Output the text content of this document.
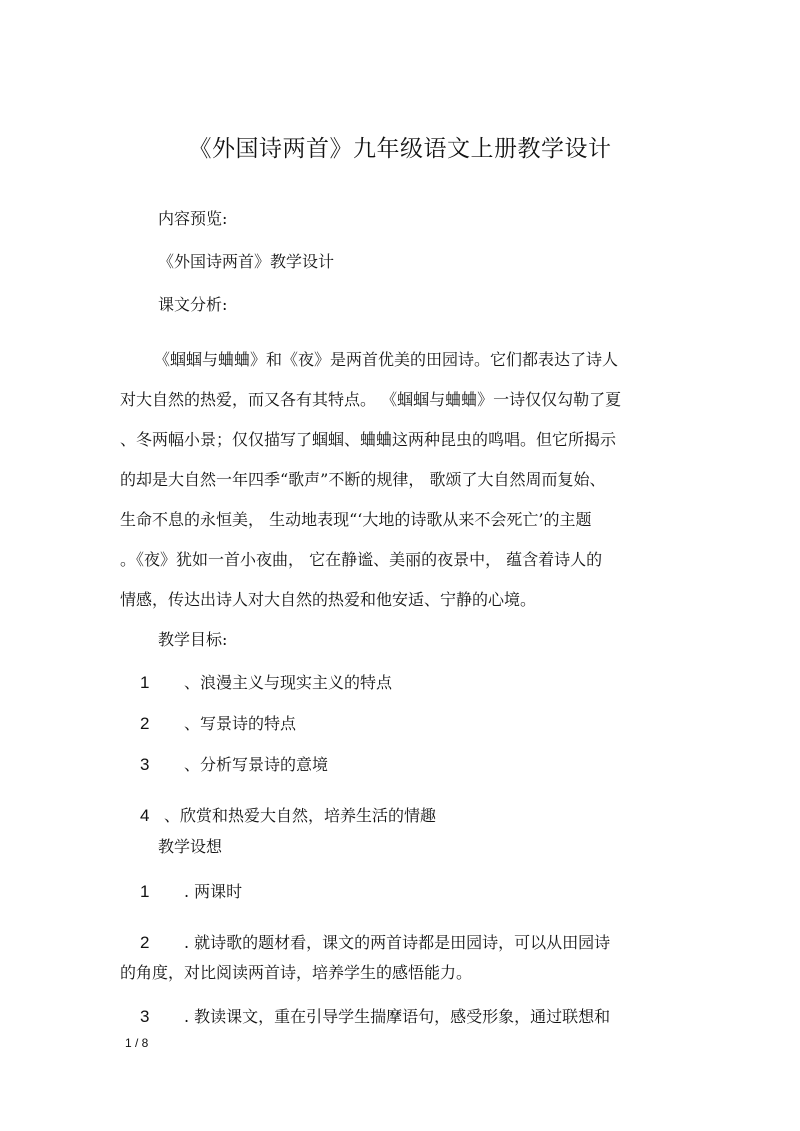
《外国诗两首》九年级语文上册教学设计
内容预览:
《外国诗两首》教学设计
课文分析:

《蝈蝈与蛐蛐》和《夜》是两首优美的田园诗。它们都表达了诗人

对大自然的热爱，而又各有其特点。 《蝈蝈与蛐蛐》一诗仅仅勾勒了夏

、冬两幅小景；仅仅描写了蝈蝈、蛐蛐这两种昆虫的鸣唱。但它所揭示

的却是大自然一年四季“歌声”不断的规律， 歌颂了大自然周而复始、

生命不息的永恒美， 生动地表现“‘大地的诗歌从来不会死亡’的主题

。《夜》犹如一首小夜曲， 它在静谧、美丽的夜景中， 蕴含着诗人的

情感，传达出诗人对大自然的热爱和他安适、宁静的心境。

教学目标:
1 、浪漫主义与现实主义的特点
2 、写景诗的特点
3 、分析写景诗的意境
4 、欣赏和热爱大自然，培养生活的情趣
教学设想
1 . 两课时
2 . 就诗歌的题材看，课文的两首诗都是田园诗，可以从田园诗
的角度，对比阅读两首诗，培养学生的感悟能力。
3 . 教读课文，重在引导学生揣摩语句，感受形象，通过联想和
1 / 8
